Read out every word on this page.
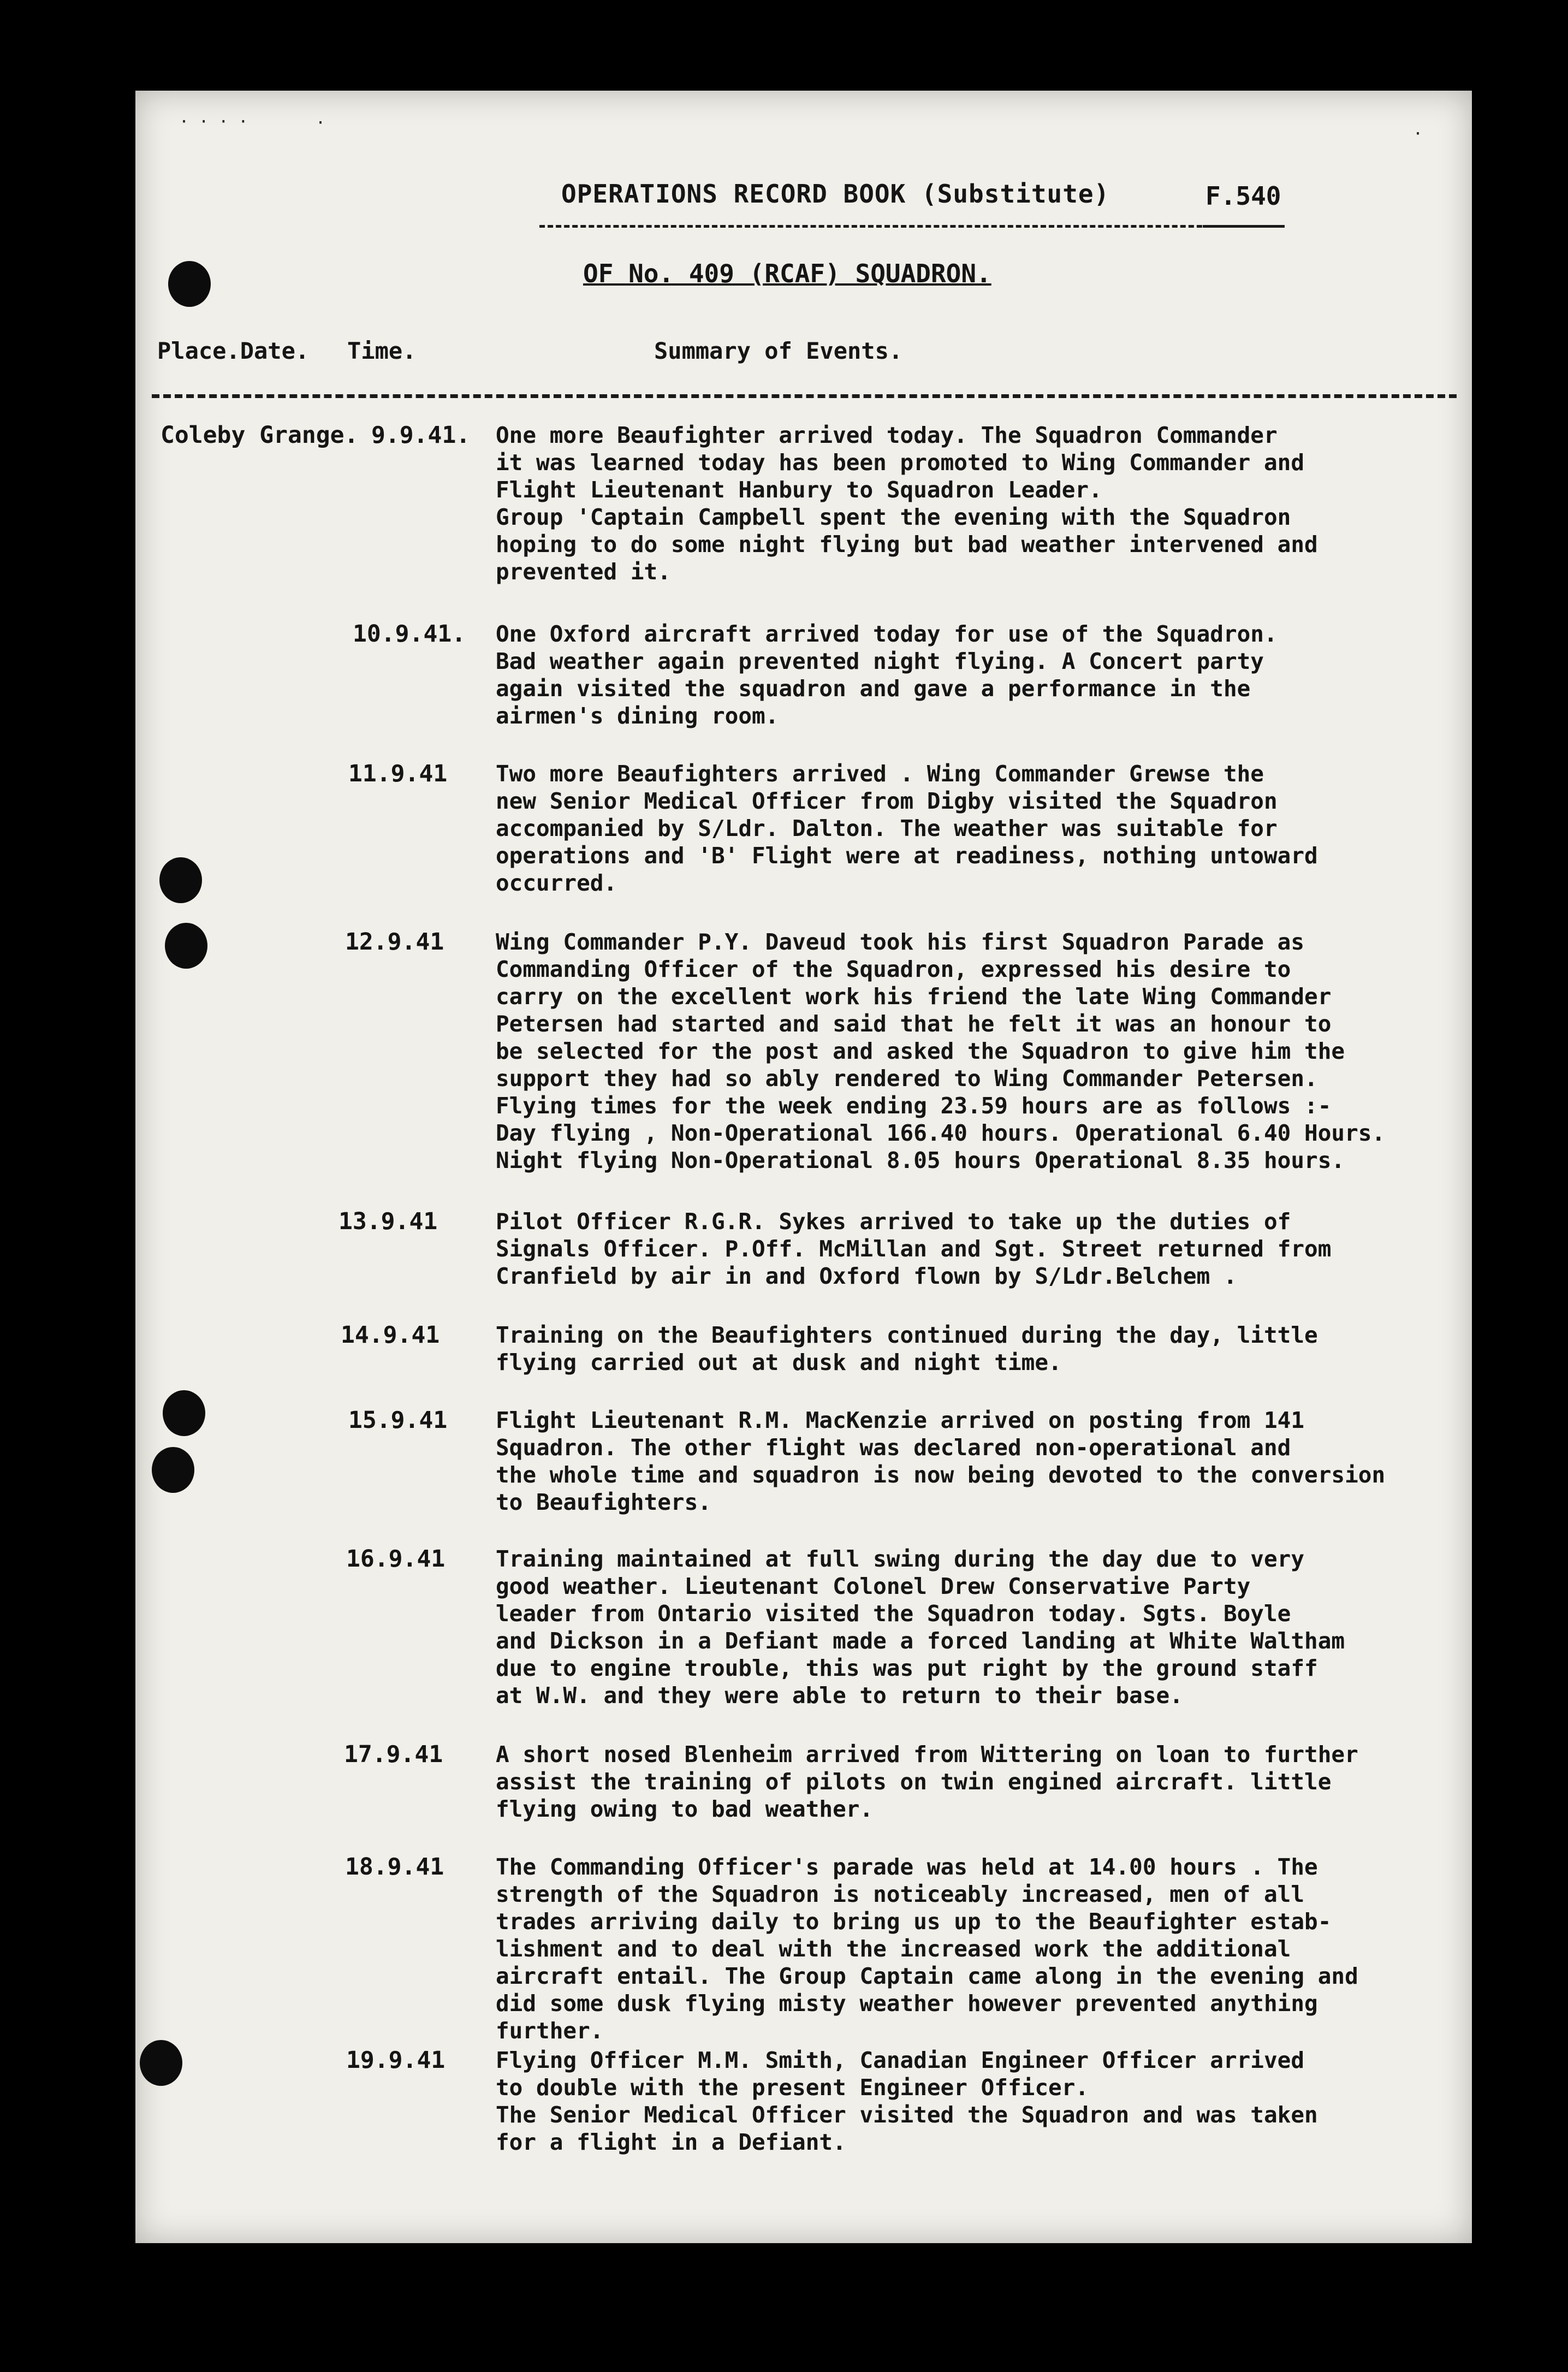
· · · ·	·
·
OPERATIONS RECORD BOOK (Substitute)	F.540
OF No. 409 (RCAF) SQUADRON.
Place.Date. Time.	Summary of Events.
Coleby Grange. 9.9.41. One more Beaufighter arrived today. The Squadron Commander
it was learned today has been promoted to Wing Commander and
Flight Lieutenant Hanbury to Squadron Leader.
Group 'Captain Campbell spent the evening with the Squadron
hoping to do some night flying but bad weather intervened and
prevented it.

10.9.41. One Oxford aircraft arrived today for use of the Squadron.
Bad weather again prevented night flying. A Concert party
again visited the squadron and gave a performance in the
airmen's dining room.

11.9.41 Two more Beaufighters arrived . Wing Commander Grewse the
new Senior Medical Officer from Digby visited the Squadron
accompanied by S/Ldr. Dalton. The weather was suitable for
operations and 'B' Flight were at readiness, nothing untoward
occurred.

12.9.41 Wing Commander P.Y. Daveud took his first Squadron Parade as
Commanding Officer of the Squadron, expressed his desire to
carry on the excellent work his friend the late Wing Commander
Petersen had started and said that he felt it was an honour to
be selected for the post and asked the Squadron to give him the
support they had so ably rendered to Wing Commander Petersen.
Flying times for the week ending 23.59 hours are as follows :-
Day flying , Non-Operational 166.40 hours. Operational 6.40 Hours.
Night flying Non-Operational 8.05 hours Operational 8.35 hours.

13.9.41	Pilot Officer R.G.R. Sykes arrived to take up the duties of
Signals Officer. P.Off. McMillan and Sgt. Street returned from
Cranfield by air in and Oxford flown by S/Ldr.Belchem .

14.9.41	Training on the Beaufighters continued during the day, little
flying carried out at dusk and night time.

15.9.41 Flight Lieutenant R.M. MacKenzie arrived on posting from 141
Squadron. The other flight was declared non-operational and
the whole time and squadron is now being devoted to the conversion
to Beaufighters.

16.9.41 Training maintained at full swing during the day due to very
good weather. Lieutenant Colonel Drew Conservative Party
leader from Ontario visited the Squadron today. Sgts. Boyle
and Dickson in a Defiant made a forced landing at White Waltham
due to engine trouble, this was put right by the ground staff
at W.W. and they were able to return to their base.

17.9.41 A short nosed Blenheim arrived from Wittering on loan to further
assist the training of pilots on twin engined aircraft. little
flying owing to bad weather.

18.9.41 The Commanding Officer's parade was held at 14.00 hours . The
strength of the Squadron is noticeably increased, men of all
trades arriving daily to bring us up to the Beaufighter estab-
lishment and to deal with the increased work the additional
aircraft entail. The Group Captain came along in the evening and
did some dusk flying misty weather however prevented anything
further.

19.9.41 Flying Officer M.M. Smith, Canadian Engineer Officer arrived
to double with the present Engineer Officer.
The Senior Medical Officer visited the Squadron and was taken
for a flight in a Defiant.
